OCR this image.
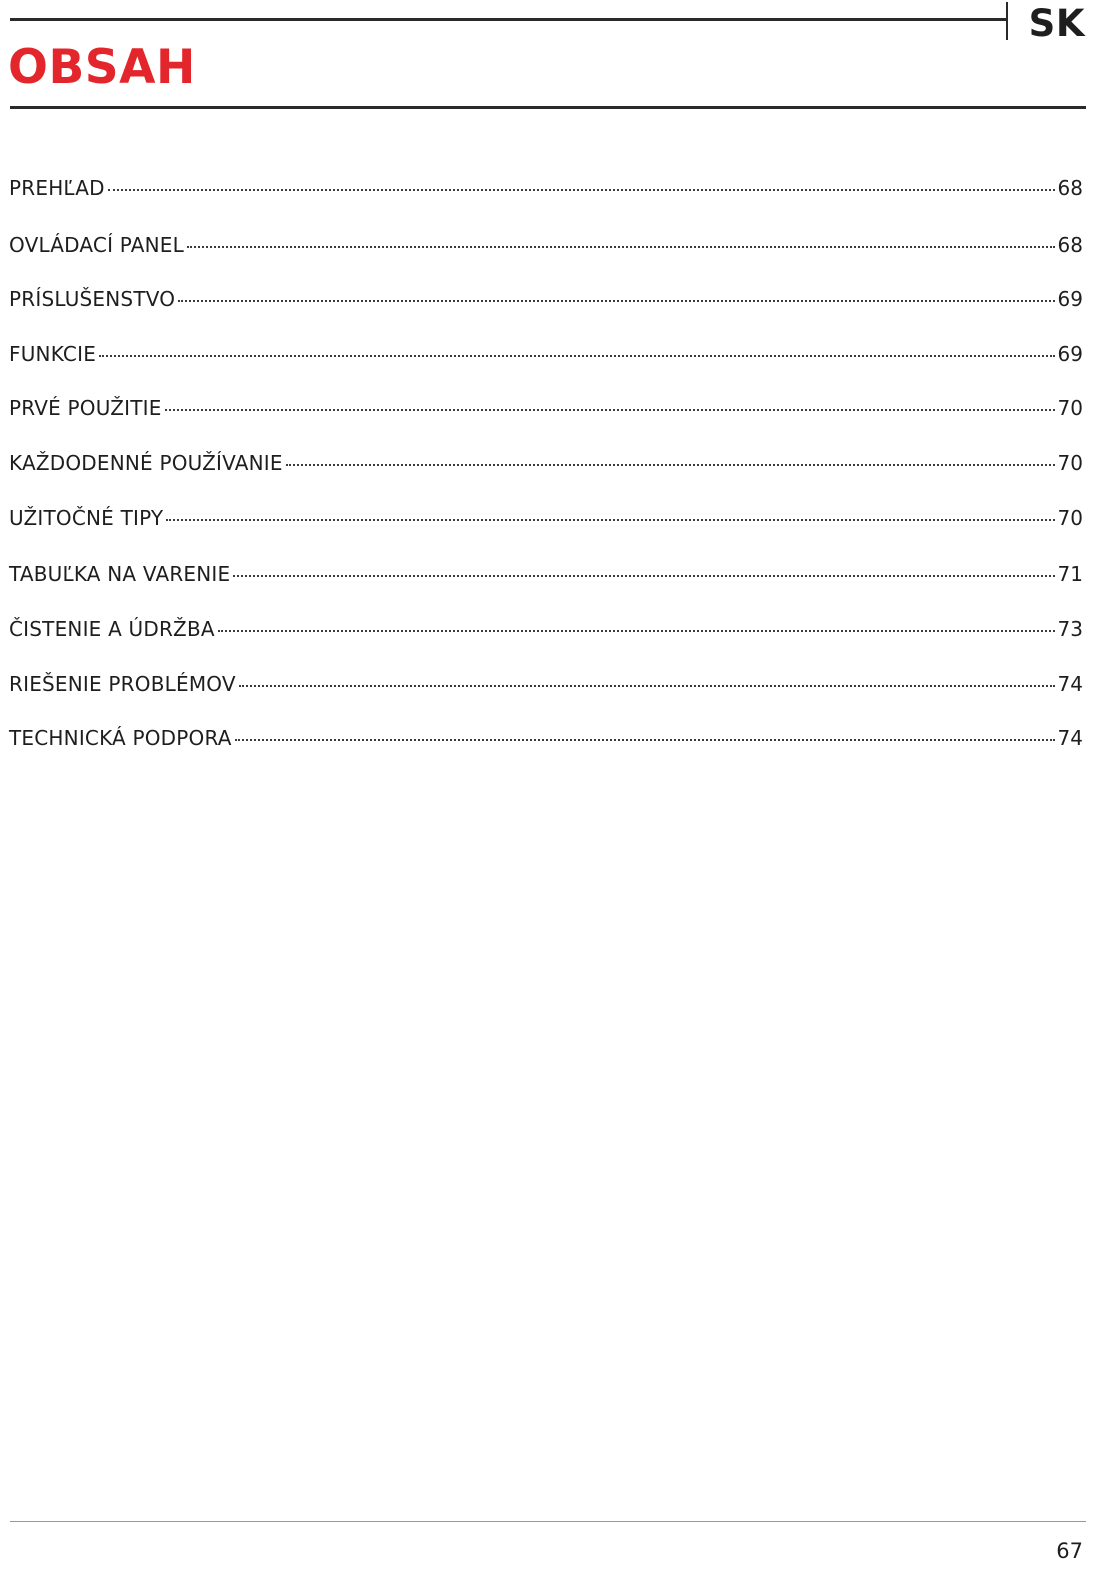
SK
OBSAH
PREHĽAD	68
OVLÁDACÍ PANEL	68
PRÍSLUŠENSTVO	69
FUNKCIE	69
PRVÉ POUŽITIE	70
KAŽDODENNÉ POUŽÍVANIE	70
UŽITOČNÉ TIPY	70
TABUĽKA NA VARENIE	71
ČISTENIE A ÚDRŽBA	73
RIEŠENIE PROBLÉMOV	74
TECHNICKÁ PODPORA	74
67
